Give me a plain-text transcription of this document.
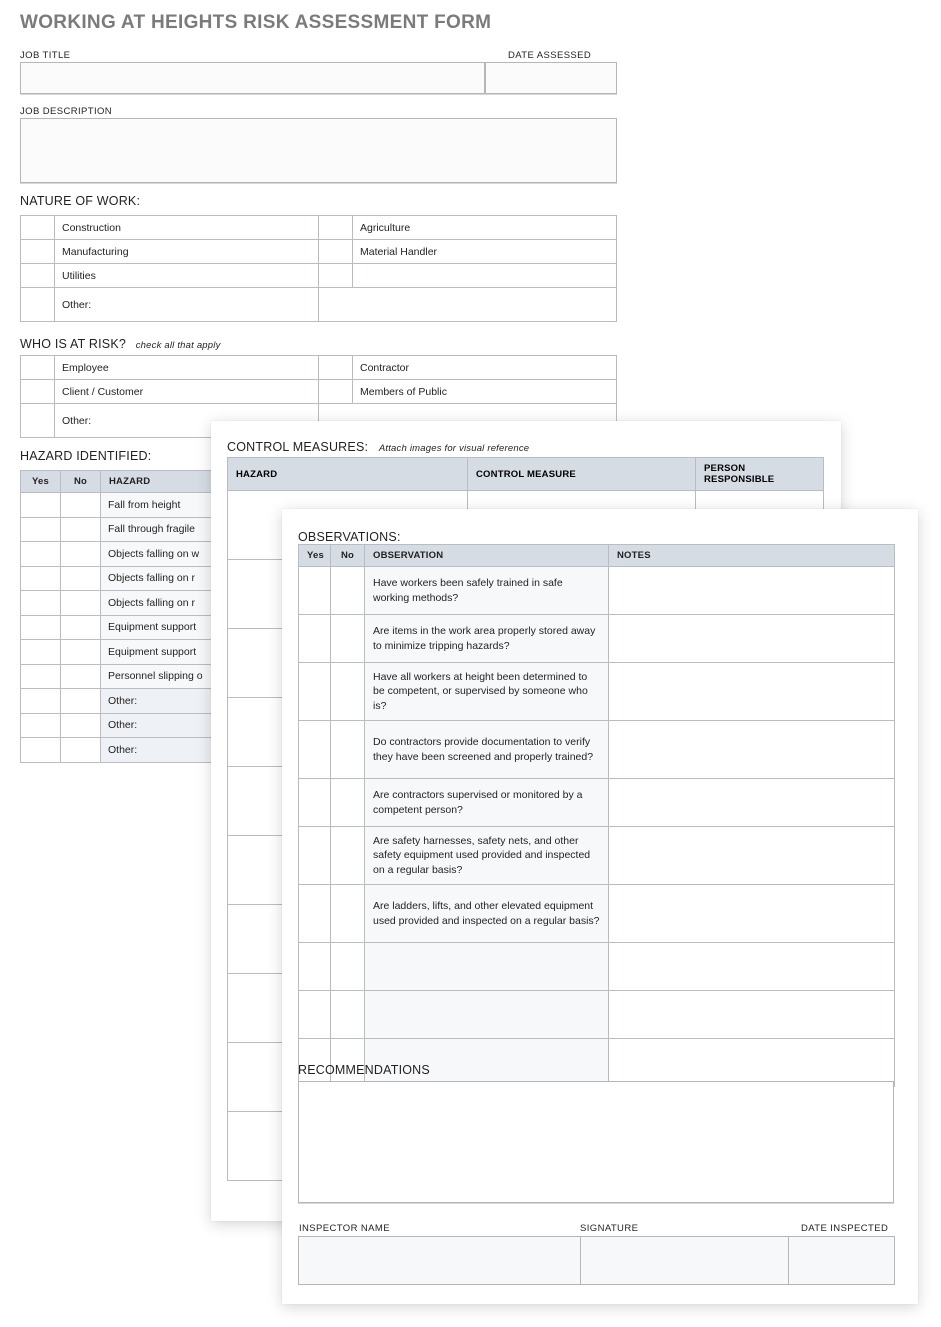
WORKING AT HEIGHTS RISK ASSESSMENT FORM
JOB TITLE	DATE ASSESSED
JOB DESCRIPTION
NATURE OF WORK:
	Construction		Agriculture
	Manufacturing		Material Handler
	Utilities		
	Other:		
WHO IS AT RISK? check all that apply
	Employee		Contractor
	Client / Customer		Members of Public
	Other:		
HAZARD IDENTIFIED:
Yes	No	HAZARD	
		Fall from height	
		Fall through fragile	
		Objects falling on w	
		Objects falling on r	
		Objects falling on r	
		Equipment support	
		Equipment support	
		Personnel slipping o	
		Other:	
		Other:	
		Other:	
CONTROL MEASURES: Attach images for visual reference
HAZARD	CONTROL MEASURE	PERSON RESPONSIBLE

OBSERVATIONS:
Yes	No	OBSERVATION	NOTES
		Have workers been safely trained in safe working methods?	
		Are items in the work area properly stored away to minimize tripping hazards?	
		Have all workers at height been determined to be competent, or supervised by someone who is?	
		Do contractors provide documentation to verify they have been screened and properly trained?	
		Are contractors supervised or monitored by a competent person?	
		Are safety harnesses, safety nets, and other safety equipment used provided and inspected on a regular basis?	
		Are ladders, lifts, and other elevated equipment used provided and inspected on a regular basis?	

RECOMMENDATIONS
INSPECTOR NAME	SIGNATURE	DATE INSPECTED
